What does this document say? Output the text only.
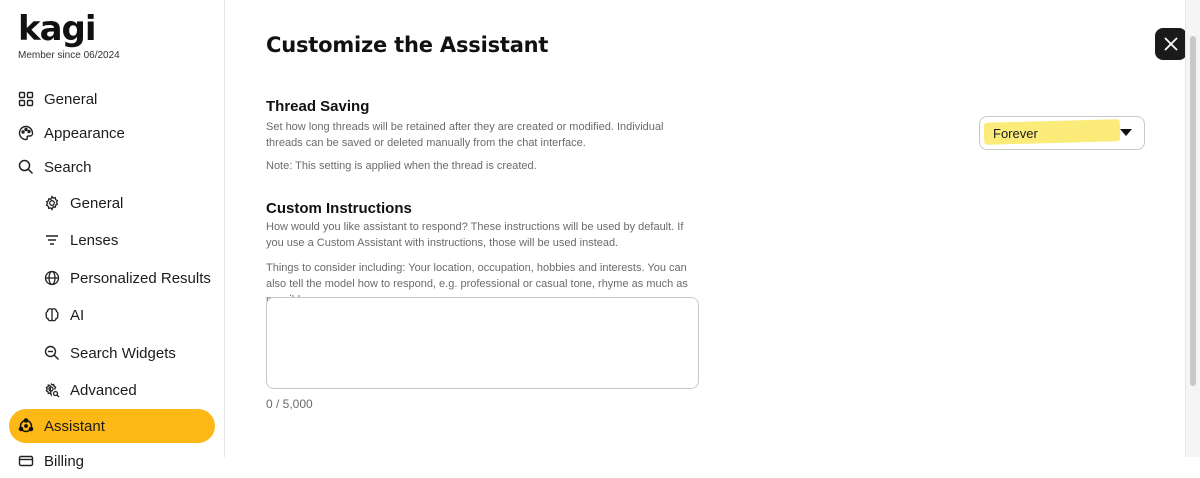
kagi
Member since 06/2024
General
Appearance
Search
General
Lenses
Personalized Results
AI
Search Widgets
Advanced
Assistant
Billing
Customize the Assistant
Thread Saving
Set how long threads will be retained after they are created or modified. Individual threads can be saved or deleted manually from the chat interface.
Note: This setting is applied when the thread is created.
Forever
Custom Instructions
How would you like assistant to respond? These instructions will be used by default. If you use a Custom Assistant with instructions, those will be used instead.
Things to consider including: Your location, occupation, hobbies and interests. You can also tell the model how to respond, e.g. professional or casual tone, rhyme as much as
0 / 5,000
